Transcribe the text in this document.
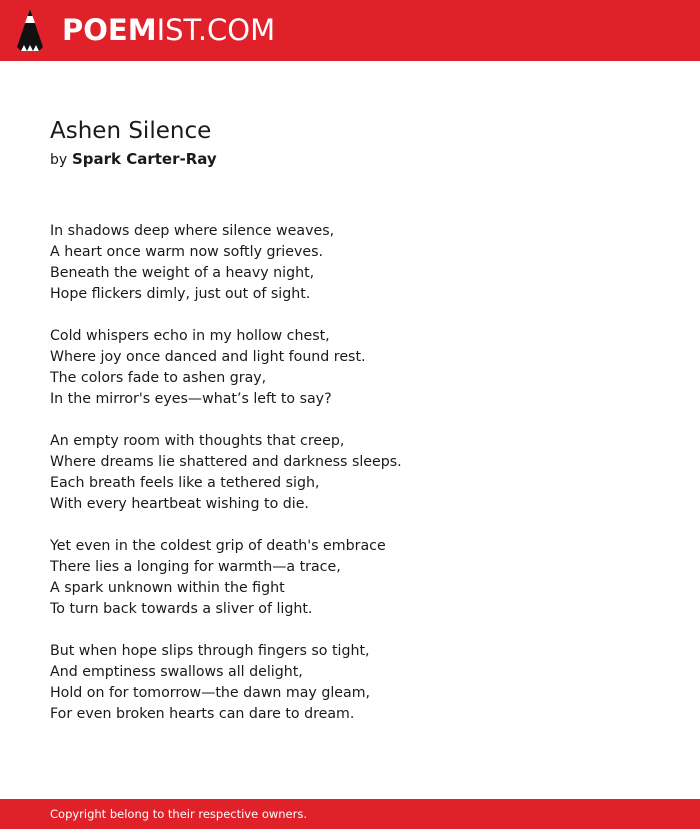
POEMIST.COM
Ashen Silence
by Spark Carter-Ray
In shadows deep where silence weaves,
A heart once warm now softly grieves.
Beneath the weight of a heavy night,
Hope flickers dimly, just out of sight.
Cold whispers echo in my hollow chest,
Where joy once danced and light found rest.
The colors fade to ashen gray,
In the mirror's eyes—what’s left to say?
An empty room with thoughts that creep,
Where dreams lie shattered and darkness sleeps.
Each breath feels like a tethered sigh,
With every heartbeat wishing to die.
Yet even in the coldest grip of death's embrace
There lies a longing for warmth—a trace,
A spark unknown within the fight
To turn back towards a sliver of light.
But when hope slips through fingers so tight,
And emptiness swallows all delight,
Hold on for tomorrow—the dawn may gleam,
For even broken hearts can dare to dream.
Copyright belong to their respective owners.
